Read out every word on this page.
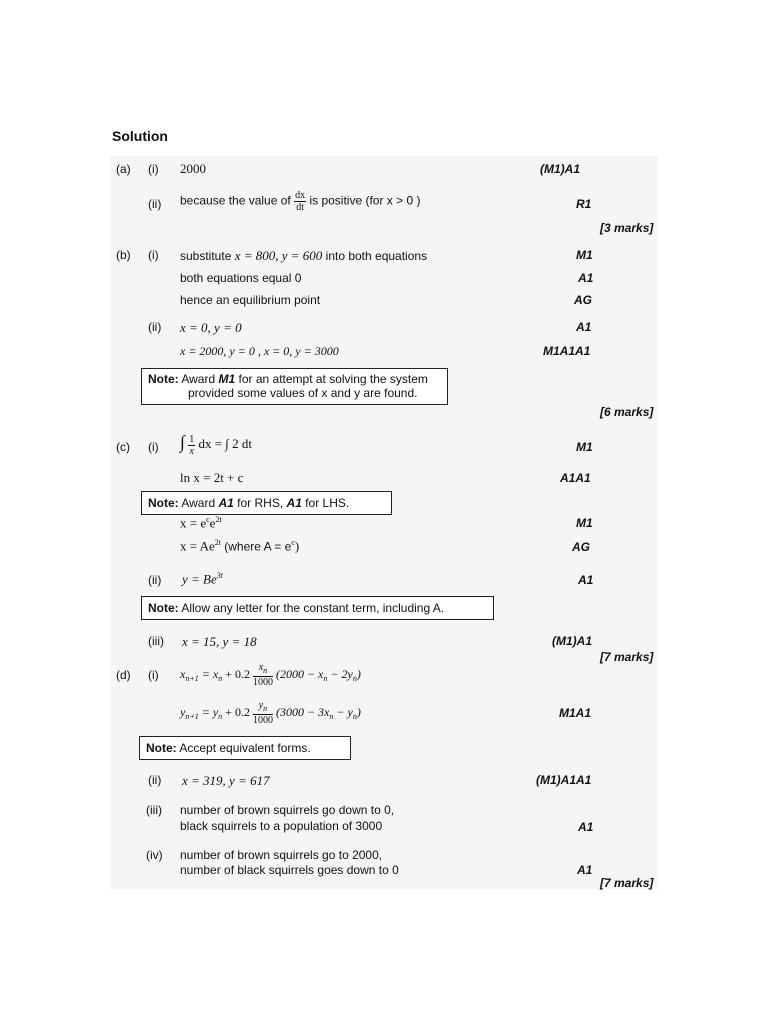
Solution
(a) (i) 2000	(M1)A1
(ii) because the value of $\frac{dx}{dt}$ is positive (for x > 0 )	R1
[3 marks]
(b) (i) substitute x = 800, y = 600 into both equations	M1
both equations equal 0	A1
hence an equilibrium point	AG
(ii) x = 0, y = 0	A1
x = 2000, y = 0 , x = 0, y = 3000	M1A1A1
Note: Award M1 for an attempt at solving the system
provided some values of x and y are found.
[6 marks]
(c) (i) ∫ $\frac{1}{x}$ dx = ∫ 2 dt	M1
ln x = 2t + c	A1A1
Note: Award A1 for RHS, A1 for LHS.
$x = e^ce^{2t}$	M1
$x = Ae^{2t}$ (where $A = e^c$)	AG
(ii) $y = Be^{3t}$	A1
Note: Allow any letter for the constant term, including A.
(iii) x = 15, y = 18	(M1)A1
[7 marks]
(d) (i) $x_{n+1} = x_n + 0.2 \frac{x_n}{1000} (2000 - x_n - 2y_n)$
$y_{n+1} = y_n + 0.2 \frac{y_n}{1000} (3000 - 3x_n - y_n)$	M1A1
Note: Accept equivalent forms.
(ii) x = 319, y = 617	(M1)A1A1
(iii) number of brown squirrels go down to 0,
black squirrels to a population of 3000	A1
(iv) number of brown squirrels go to 2000,
number of black squirrels goes down to 0	A1
[7 marks]
